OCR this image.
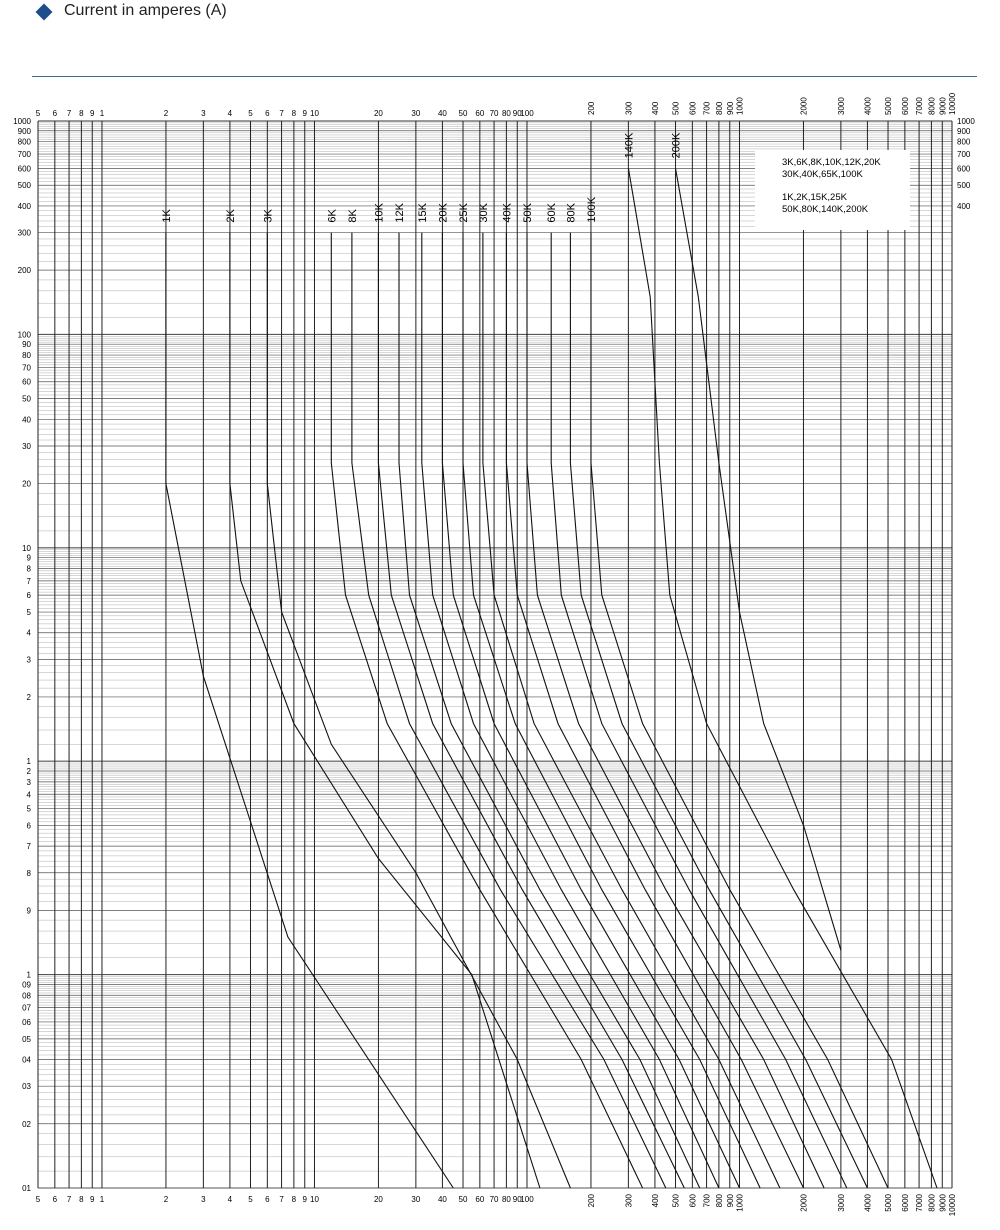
Current in amperes (A)
5 6 7 8 9 1	2	3	4 5 6 7 8 9 10	20	30 40 50 60 70 80 90
100	200	300 400 500 600 700 800 900 1000	2000	3000 4000 5000 6000 7000 8000 9000 10000
5 6 7 8 9 1	2	3	4 5 6 7 8 9 10	20	30 40 50 60 70 80 90
100	200	300 400 500 600 700 800 900 1000	2000	3000 4000 5000 6000 7000 8000 9000 10000
1000
900
800
700
600
500
400
300
200
100
90
80
70
60
50
40
30
20
10
9
8
7
6
5
4
3
2
1
2
3
4
5
6
7
8
9
1
09
08
07
06
05
04
03
02
01
1000
900
800
700
600
500
400
1K	2K 3K	6K 8K 10K 12K 15K 20K 25K 30K 40K 50K 60K 80K 100K
140K	200K
3K,6K,8K,10K,12K,20K
30K,40K,65K,100K
1K,2K,15K,25K
50K,80K,140K,200K
